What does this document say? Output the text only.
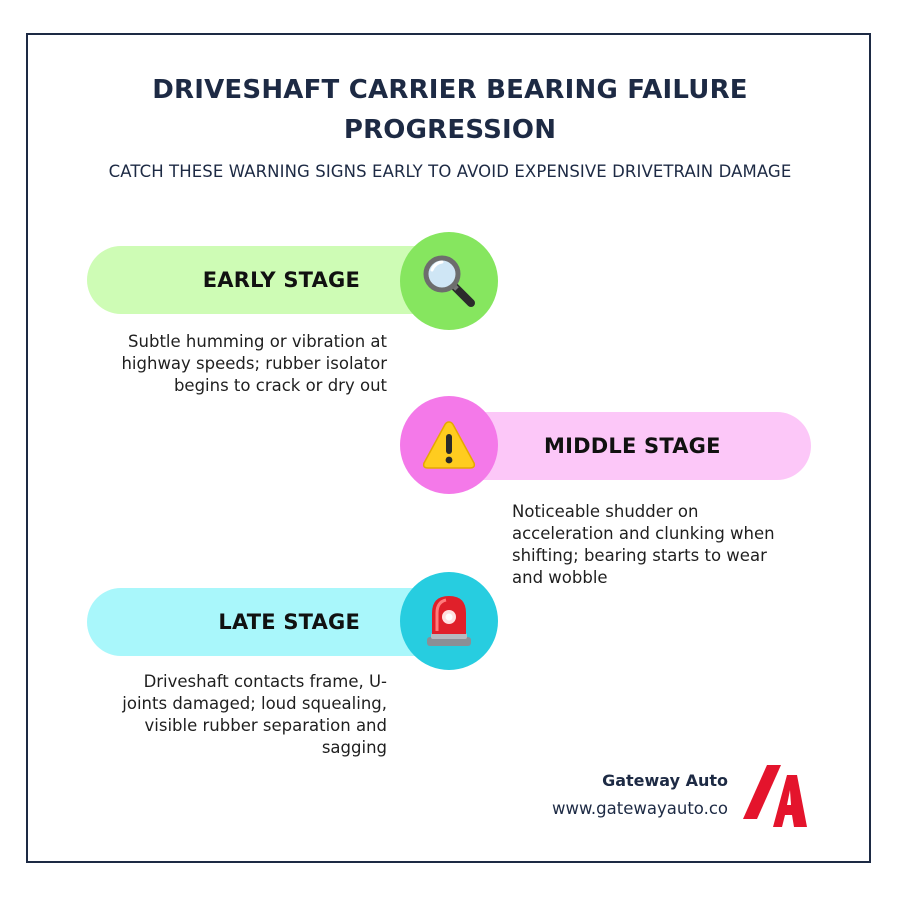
DRIVESHAFT CARRIER BEARING FAILURE
PROGRESSION
CATCH THESE WARNING SIGNS EARLY TO AVOID EXPENSIVE DRIVETRAIN DAMAGE
EARLY STAGE
Subtle humming or vibration at highway speeds; rubber isolator begins to crack or dry out
MIDDLE STAGE
Noticeable shudder on acceleration and clunking when shifting; bearing starts to wear and wobble
LATE STAGE
Driveshaft contacts frame, U-joints damaged; loud squealing, visible rubber separation and sagging
Gateway Auto
www.gatewayauto.co
